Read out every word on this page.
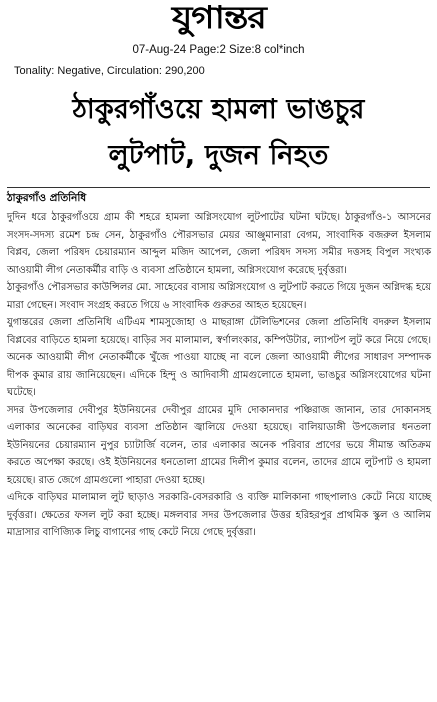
যুগান্তর
07-Aug-24 Page:2 Size:8 col*inch
Tonality: Negative, Circulation: 290,200
ঠাকুরগাঁওয়ে হামলা ভাঙচুর
লুটপাট, দুজন নিহত
ঠাকুরগাঁও প্রতিনিধি

দুদিন ধরে ঠাকুরগাঁওয়ে গ্রাম কী শহরে হামলা অগ্নিসংযোগ লুটপাটের ঘটনা ঘটছে। ঠাকুরগাঁও-১ আসনের সংসদ-সদস্য রমেশ চন্দ্র সেন, ঠাকুরগাঁও পৌরসভার মেয়র আঞ্জুমানারা বেগম, সাংবাদিক বজরুল ইসলাম বিপ্লব, জেলা পরিষদ চেয়ারম্যান আব্দুল মজিদ আপেল, জেলা পরিষদ সদস্য সমীর দত্তসহ বিপুল সংখ্যক আওয়ামী লীগ নেতাকর্মীর বাড়ি ও ব্যবসা প্রতিষ্ঠানে হামলা, অগ্নিসংযোগ করেছে দুর্বৃত্তরা।

ঠাকুরগাঁও পৌরসভার কাউন্সিলর মো. সাহেবের বাসায় অগ্নিসংযোগ ও লুটপাট করতে গিয়ে দুজন অগ্নিদগ্ধ হয়ে মারা গেছেন। সংবাদ সংগ্রহ করতে গিয়ে ৬ সাংবাদিক গুরুতর আহত হয়েছেন।

যুগান্তরের জেলা প্রতিনিধি এটিএম শামসুজোহা ও মাছরাঙ্গা টেলিভিশনের জেলা প্রতিনিধি বদরুল ইসলাম বিপ্লবের বাড়িতে হামলা হয়েছে। বাড়ির সব মালামাল, স্বর্ণালংকার, কম্পিউটার, ল্যাপটপ লুট করে নিয়ে গেছে। অনেক আওয়ামী লীগ নেতাকর্মীকে খুঁজে পাওয়া যাচ্ছে না বলে জেলা আওয়ামী লীগের সাধারণ সম্পাদক দীপক কুমার রায় জানিয়েছেন। এদিকে হিন্দু ও আদিবাসী গ্রামগুলোতে হামলা, ভাঙচুর অগ্নিসংযোগের ঘটনা ঘটেছে।

সদর উপজেলার দেবীপুর ইউনিয়নের দেবীপুর গ্রামের মুদি দোকানদার পঞ্চিরাজ জানান, তার দোকানসহ এলাকার অনেকের বাড়িঘর ব্যবসা প্রতিষ্ঠান জ্বালিয়ে দেওয়া হয়েছে। বালিয়াডাঙ্গী উপজেলার ধনতলা ইউনিয়নের চেয়ারম্যান নুপুর চ্যাটার্জি বলেন, তার এলাকার অনেক পরিবার প্রাণের ভয়ে সীমান্ত অতিক্রম করতে অপেক্ষা করছে। ওই ইউনিয়নের ধনতোলা গ্রামের দিলীপ কুমার বলেন, তাদের গ্রামে লুটপাট ও হামলা হয়েছে। রাত জেগে গ্রামগুলো পাহারা দেওয়া হচ্ছে।

এদিকে বাড়িঘর মালামাল লুট ছাড়াও সরকারি-বেসরকারি ও ব্যক্তি মালিকানা গাছপালাও কেটে নিয়ে যাচ্ছে দুর্বৃত্তরা। ক্ষেতের ফসল লুট করা হচ্ছে। মঙ্গলবার সদর উপজেলার উত্তর হরিহরপুর প্রাথমিক স্কুল ও আলিম মাদ্রাসার বাণিজ্যিক লিচু বাগানের গাছ কেটে নিয়ে গেছে দুর্বৃত্তরা।
